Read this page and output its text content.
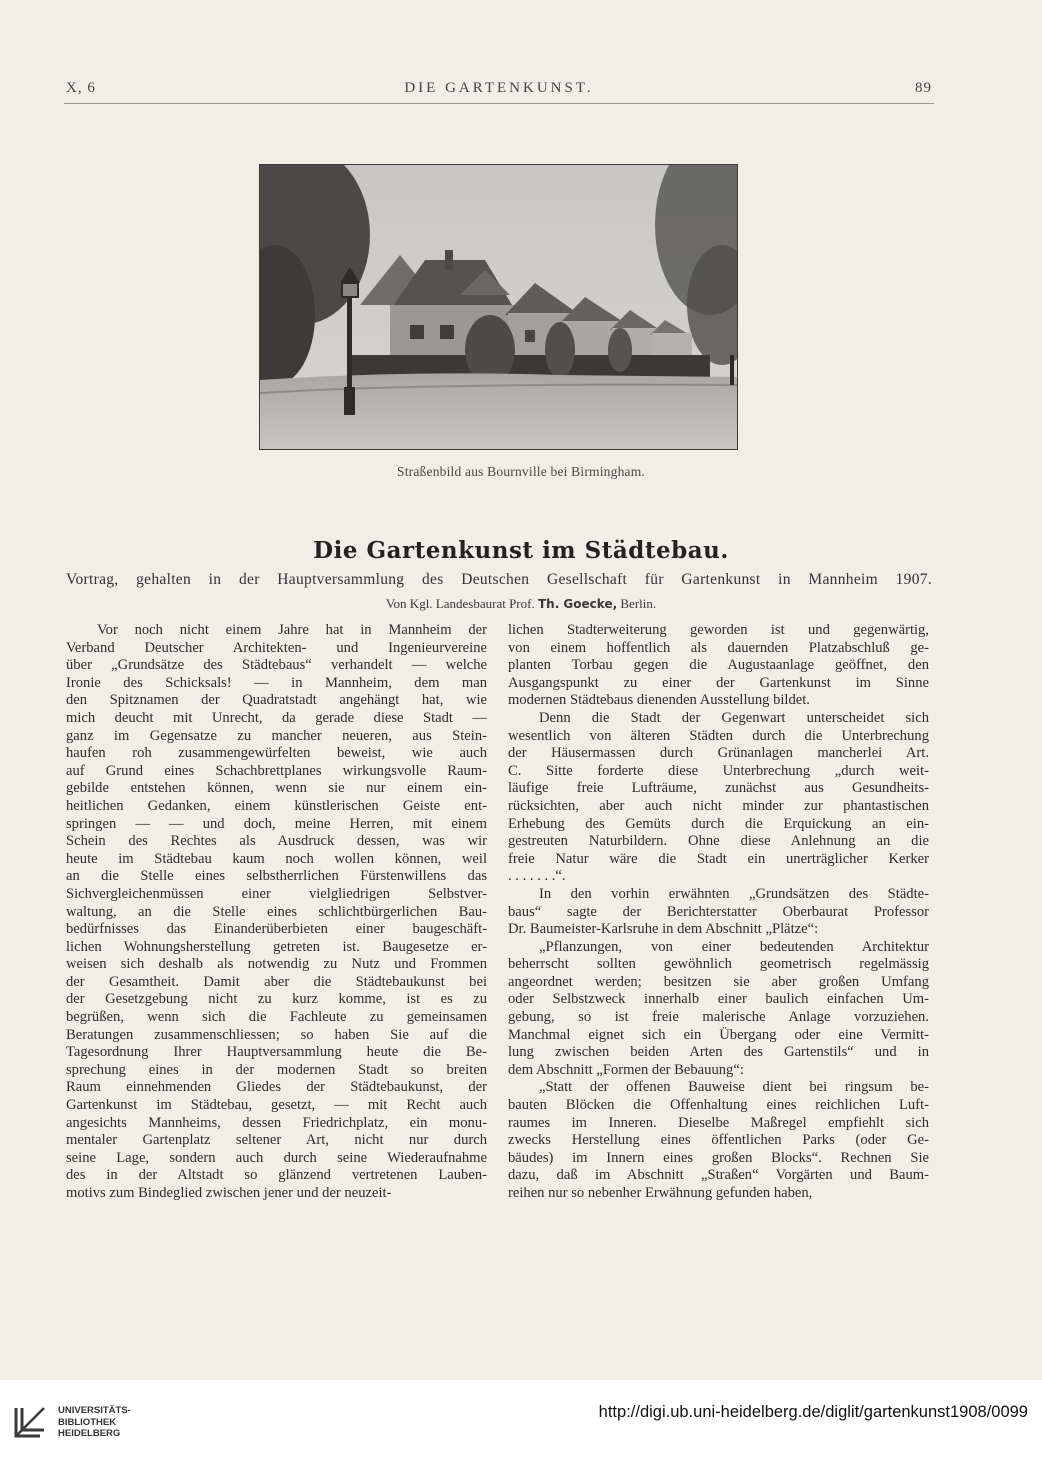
X, 6	DIE GARTENKUNST.	89
Straßenbild aus Bournville bei Birmingham.
Die Gartenkunst im Städtebau.
Vortrag, gehalten in der Hauptversammlung des Deutschen Gesellschaft für Gartenkunst in Mannheim 1907.
Von Kgl. Landesbaurat Prof. Th. Goecke, Berlin.
Vor noch nicht einem Jahre hat in Mannheim der
Verband Deutscher Architekten- und Ingenieurvereine
über „Grundsätze des Städtebaus“ verhandelt — welche
Ironie des Schicksals! — in Mannheim, dem man
den Spitznamen der Quadratstadt angehängt hat, wie
mich deucht mit Unrecht, da gerade diese Stadt —
ganz im Gegensatze zu mancher neueren, aus Stein-
haufen roh zusammengewürfelten beweist, wie auch
auf Grund eines Schachbrettplanes wirkungsvolle Raum-
gebilde entstehen können, wenn sie nur einem ein-
heitlichen Gedanken, einem künstlerischen Geiste ent-
springen — — und doch, meine Herren, mit einem
Schein des Rechtes als Ausdruck dessen, was wir
heute im Städtebau kaum noch wollen können, weil
an die Stelle eines selbstherrlichen Fürstenwillens das
Sichvergleichenmüssen einer vielgliedrigen Selbstver-
waltung, an die Stelle eines schlichtbürgerlichen Bau-
bedürfnisses das Einanderüberbieten einer baugeschäft-
lichen Wohnungsherstellung getreten ist. Baugesetze er-
weisen sich deshalb als notwendig zu Nutz und Frommen
der Gesamtheit. Damit aber die Städtebaukunst bei
der Gesetzgebung nicht zu kurz komme, ist es zu
begrüßen, wenn sich die Fachleute zu gemeinsamen
Beratungen zusammenschliessen; so haben Sie auf die
Tagesordnung Ihrer Hauptversammlung heute die Be-
sprechung eines in der modernen Stadt so breiten
Raum einnehmenden Gliedes der Städtebaukunst, der
Gartenkunst im Städtebau, gesetzt, — mit Recht auch
angesichts Mannheims, dessen Friedrichplatz, ein monu-
mentaler Gartenplatz seltener Art, nicht nur durch
seine Lage, sondern auch durch seine Wiederaufnahme
des in der Altstadt so glänzend vertretenen Lauben-
motivs zum Bindeglied zwischen jener und der neuzeit-
lichen Stadterweiterung geworden ist und gegenwärtig,
von einem hoffentlich als dauernden Platzabschluß ge-
planten Torbau gegen die Augustaanlage geöffnet, den
Ausgangspunkt zu einer der Gartenkunst im Sinne
modernen Städtebaus dienenden Ausstellung bildet.
Denn die Stadt der Gegenwart unterscheidet sich
wesentlich von älteren Städten durch die Unterbrechung
der Häusermassen durch Grünanlagen mancherlei Art.
C. Sitte forderte diese Unterbrechung „durch weit-
läufige freie Lufträume, zunächst aus Gesundheits-
rücksichten, aber auch nicht minder zur phantastischen
Erhebung des Gemüts durch die Erquickung an ein-
gestreuten Naturbildern. Ohne diese Anlehnung an die
freie Natur wäre die Stadt ein unerträglicher Kerker
. . . . . . .“.
In den vorhin erwähnten „Grundsätzen des Städte-
baus“ sagte der Berichterstatter Oberbaurat Professor
Dr. Baumeister-Karlsruhe in dem Abschnitt „Plätze“:
„Pflanzungen, von einer bedeutenden Architektur
beherrscht sollten gewöhnlich geometrisch regelmässig
angeordnet werden; besitzen sie aber großen Umfang
oder Selbstzweck innerhalb einer baulich einfachen Um-
gebung, so ist freie malerische Anlage vorzuziehen.
Manchmal eignet sich ein Übergang oder eine Vermitt-
lung zwischen beiden Arten des Gartenstils“ und in
dem Abschnitt „Formen der Bebauung“:
„Statt der offenen Bauweise dient bei ringsum be-
bauten Blöcken die Offenhaltung eines reichlichen Luft-
raumes im Inneren. Dieselbe Maßregel empfiehlt sich
zwecks Herstellung eines öffentlichen Parks (oder Ge-
bäudes) im Innern eines großen Blocks“. Rechnen Sie
dazu, daß im Abschnitt „Straßen“ Vorgärten und Baum-
reihen nur so nebenher Erwähnung gefunden haben,
UNIVERSITÄTS-
BIBLIOTHEK
HEIDELBERG
http://digi.ub.uni-heidelberg.de/diglit/gartenkunst1908/0099
